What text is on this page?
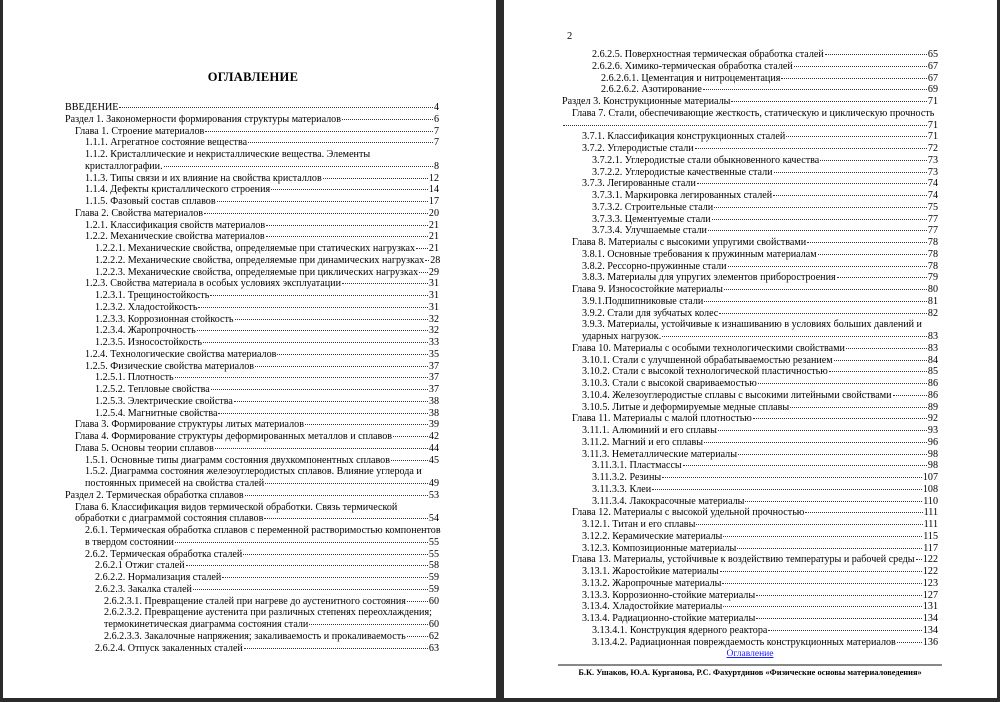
ОГЛАВЛЕНИЕ
ВВЕДЕНИЕ	4
Раздел 1. Закономерности формирования структуры материалов	6
Глава 1. Строение материалов	7
1.1.1. Агрегатное состояние вещества	7
1.1.2. Кристаллические и некристаллические вещества. Элементы
кристаллографии.	8
1.1.3. Типы связи и их влияние на свойства кристаллов	12
1.1.4. Дефекты кристаллического строения	14
1.1.5. Фазовый состав сплавов	17
Глава 2. Свойства материалов	20
1.2.1. Классификация свойств материалов	21
1.2.2. Механические свойства материалов	21
1.2.2.1. Механические свойства, определяемые при статических нагрузках 21
1.2.2.2. Механические свойства, определяемые при динамических нагрузках 28
1.2.2.3. Механические свойства, определяемые при циклических нагрузках 29
1.2.3. Свойства материала в особых условиях эксплуатации	31
1.2.3.1. Трещиностойкость	31
1.2.3.2. Хладостойкость	31
1.2.3.3. Коррозионная стойкость	32
1.2.3.4. Жаропрочность	32
1.2.3.5. Износостойкость	33
1.2.4. Технологические свойства материалов	35
1.2.5. Физические свойства материалов	37
1.2.5.1. Плотность	37
1.2.5.2. Тепловые свойства	37
1.2.5.3. Электрические свойства	38
1.2.5.4. Магнитные свойства	38
Глава 3. Формирование структуры литых материалов	39
Глава 4. Формирование структуры деформированных металлов и сплавов	42
Глава 5. Основы теории сплавов	44
1.5.1. Основные типы диаграмм состояния двухкомпонентных сплавов	45
1.5.2. Диаграмма состояния железоуглеродистых сплавов. Влияние углерода и
постоянных примесей на свойства сталей	49
Раздел 2. Термическая обработка сплавов	53
Глава 6. Классификация видов термической обработки. Связь термической
обработки с диаграммой состояния сплавов	54
2.6.1. Термическая обработка сплавов с переменной растворимостью компонентов
в твердом состоянии	55
2.6.2. Термическая обработка сталей	55
2.6.2.1 Отжиг сталей	58
2.6.2.2. Нормализация сталей	59
2.6.2.3. Закалка сталей	59
2.6.2.3.1. Превращение сталей при нагреве до аустенитного состояния 60
2.6.2.3.2. Превращение аустенита при различных степенях переохлаждения;
термокинетическая диаграмма состояния стали	60
2.6.2.3.3. Закалочные напряжения; закаливаемость и прокаливаемость 62
2.6.2.4. Отпуск закаленных сталей	63
2
2.6.2.5. Поверхностная термическая обработка сталей	65
2.6.2.6. Химико-термическая обработка сталей	67
2.6.2.6.1. Цементация и нитроцементация	67
2.6.2.6.2. Азотирование	69
Раздел 3. Конструкционные материалы	71
Глава 7. Стали, обеспечивающие жесткость, статическую и циклическую прочность
71
3.7.1. Классификация конструкционных сталей	71
3.7.2. Углеродистые стали	72
3.7.2.1. Углеродистые стали обыкновенного качества	73
3.7.2.2. Углеродистые качественные стали	73
3.7.3. Легированные стали	74
3.7.3.1. Маркировка легированных сталей	74
3.7.3.2. Строительные стали	75
3.7.3.3. Цементуемые стали	77
3.7.3.4. Улучшаемые стали	77
Глава 8. Материалы с высокими упругими свойствами	78
3.8.1. Основные требования к пружинным материалам	78
3.8.2. Рессорно-пружинные стали	78
3.8.3. Материалы для упругих элементов приборостроения	79
Глава 9. Износостойкие материалы	80
3.9.1.Подшипниковые стали	81
3.9.2. Стали для зубчатых колес	82
3.9.3. Материалы, устойчивые к изнашиванию в условиях больших давлений и
ударных нагрузок.	83
Глава 10. Материалы с особыми технологическими свойствами	83
3.10.1. Стали с улучшенной обрабатываемостью резанием	84
3.10.2. Стали с высокой технологической пластичностью	85
3.10.3. Стали с высокой свариваемостью	86
3.10.4. Железоуглеродистые сплавы с высокими литейными свойствами	86
3.10.5. Литые и деформируемые медные сплавы	89
Глава 11. Материалы с малой плотностью	92
3.11.1. Алюминий и его сплавы	93
3.11.2. Магний и его сплавы	96
3.11.3. Неметаллические материалы	98
3.11.3.1. Пластмассы	98
3.11.3.2. Резины	107
3.11.3.3. Клеи	108
3.11.3.4. Лакокрасочные материалы	110
Глава 12. Материалы с высокой удельной прочностью	111
3.12.1. Титан и его сплавы	111
3.12.2. Керамические материалы	115
3.12.3. Композиционные материалы	117
Глава 13. Материалы, устойчивые к воздействию температуры и рабочей среды 122
3.13.1. Жаростойкие материалы	122
3.13.2. Жаропрочные материалы	123
3.13.3. Коррозионно-стойкие материалы	127
3.13.4. Хладостойкие материалы	131
3.13.4. Радиационно-стойкие материалы	134
3.13.4.1. Конструкция ядерного реактора	134
3.13.4.2. Радиационная повреждаемость конструкционных материалов	136
Оглавление
Б.К. Ушаков, Ю.А. Курганова, Р.С. Фахуртдинов «Физические основы материаловедения»
